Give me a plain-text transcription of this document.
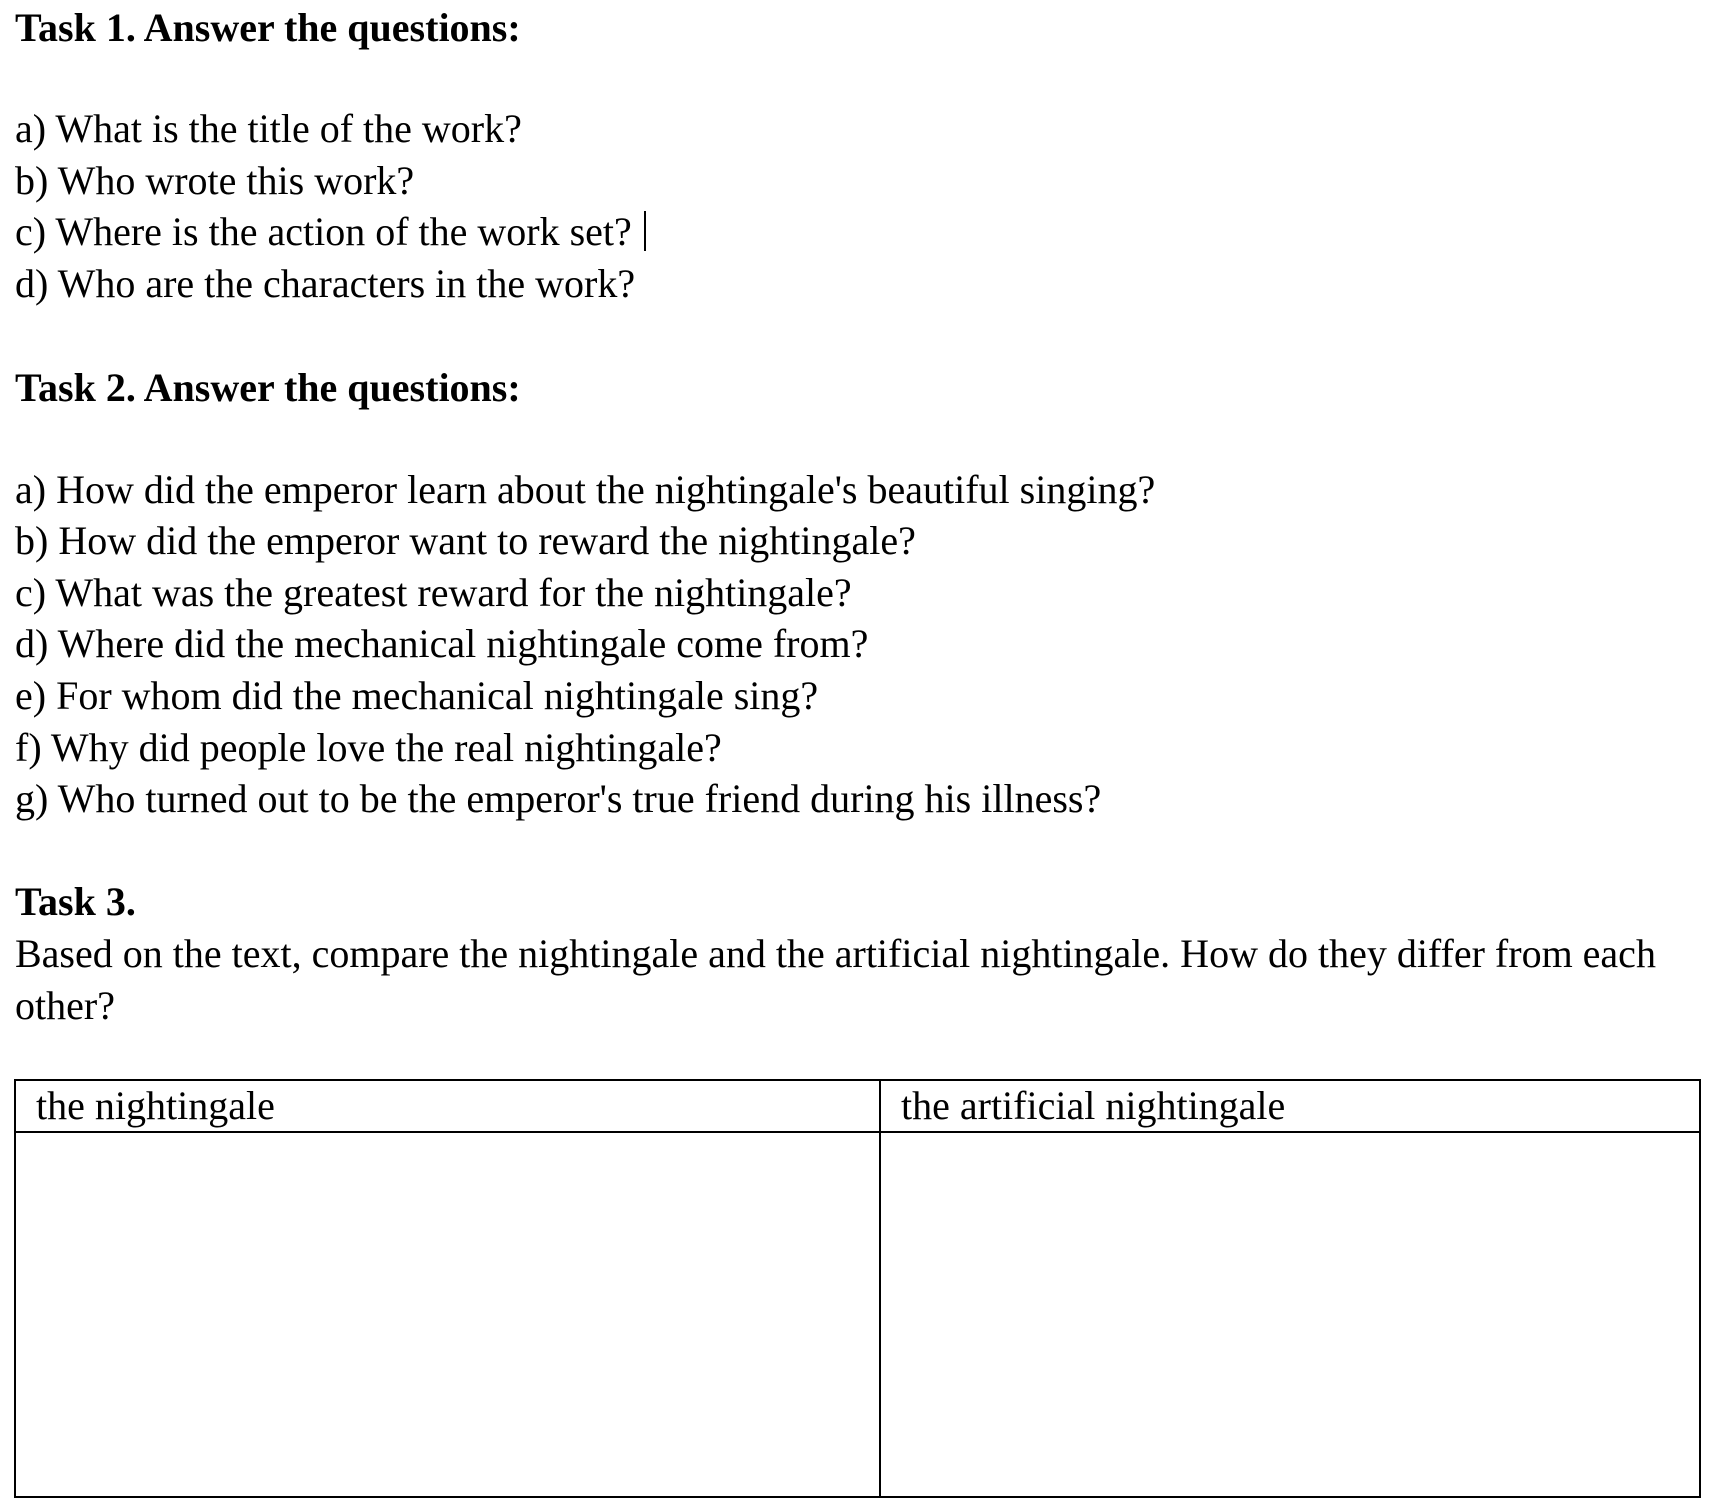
Task 1. Answer the questions:

a) What is the title of the work?

b) Who wrote this work?

c) Where is the action of the work set?

d) Who are the characters in the work?

Task 2. Answer the questions:

a) How did the emperor learn about the nightingale's beautiful singing?

b) How did the emperor want to reward the nightingale?

c) What was the greatest reward for the nightingale?

d) Where did the mechanical nightingale come from?

e) For whom did the mechanical nightingale sing?

f) Why did people love the real nightingale?

g) Who turned out to be the emperor's true friend during his illness?

Task 3.

Based on the text, compare the nightingale and the artificial nightingale. How do they differ from each other?

the nightingale	the artificial nightingale
